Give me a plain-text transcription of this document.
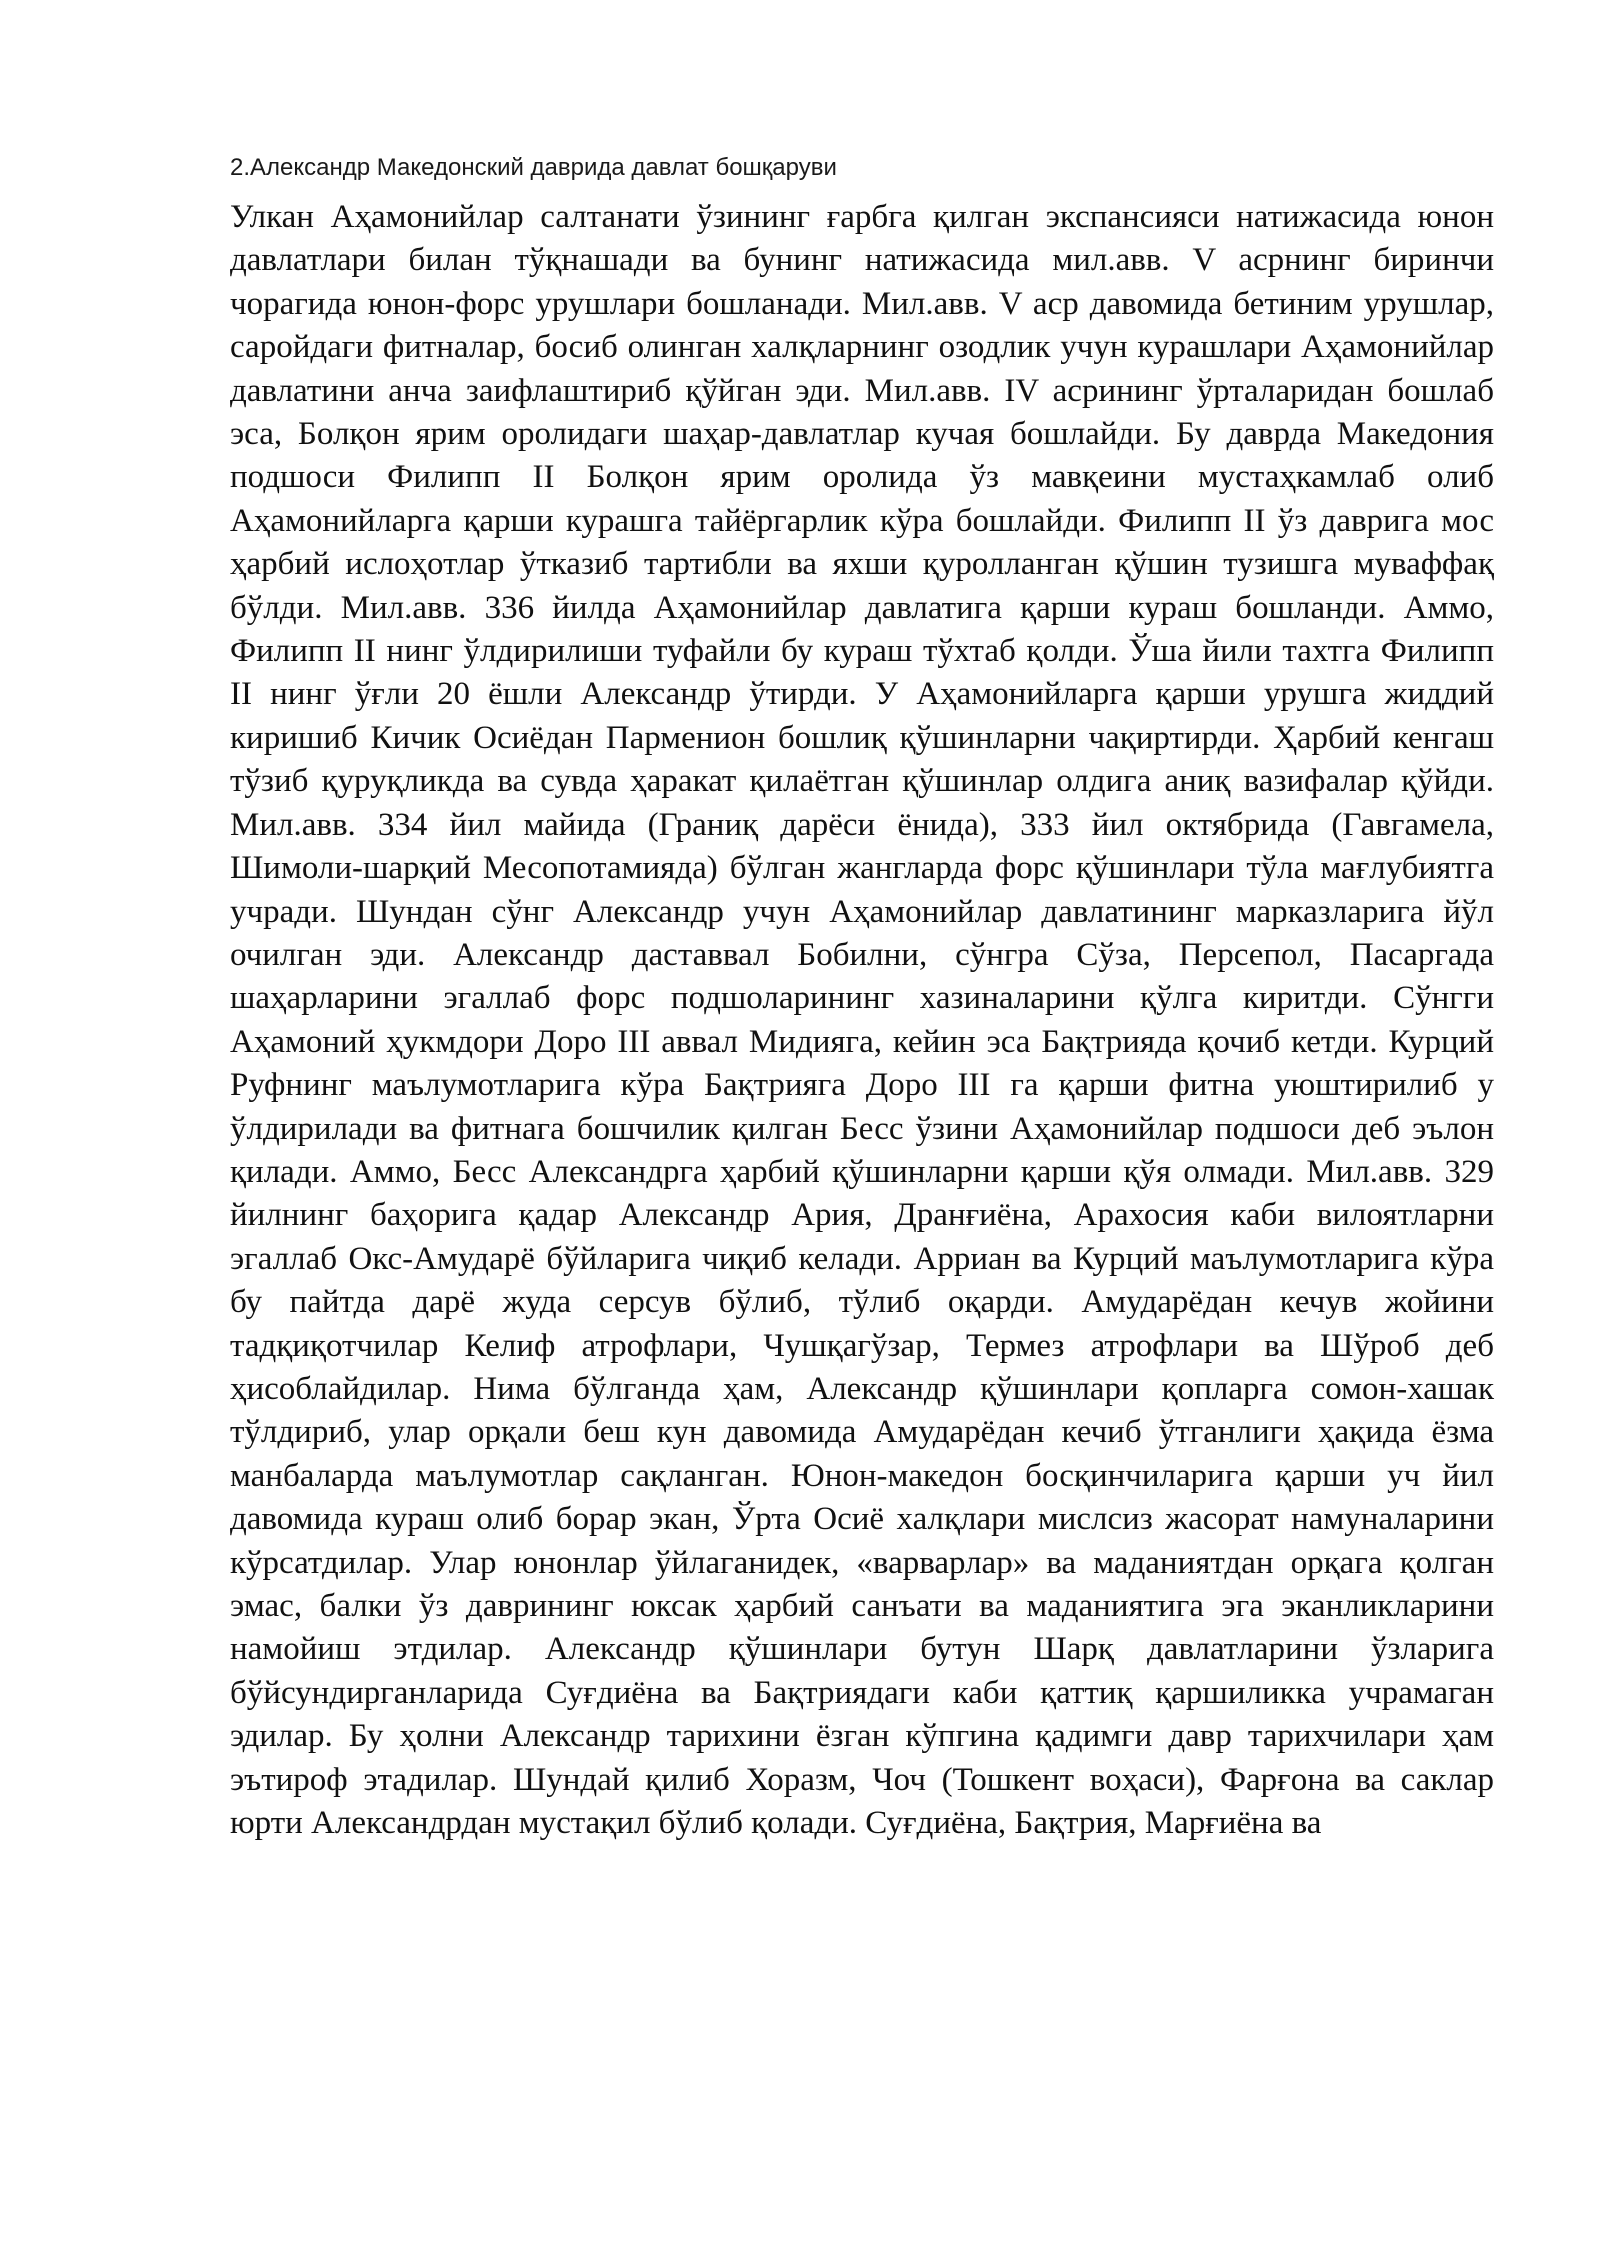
2.Александр Македонский даврида давлат бошқаруви

Улкан Аҳамонийлар салтанати ўзининг ғарбга қилган экспансияси натижасида юнон давлатлари билан тўқнашади ва бунинг натижасида мил.авв. V асрнинг биринчи чорагида юнон-форс урушлари бошланади. Мил.авв. V аср давомида бетиним урушлар, саройдаги фитналар, босиб олинган халқларнинг озодлик учун курашлари Аҳамонийлар давлатини анча заифлаштириб қўйган эди. Мил.авв. IV асрининг ўрталаридан бошлаб эса, Болқон ярим оролидаги шаҳар-давлатлар кучая бошлайди. Бу даврда Македония подшоси Филипп II Болқон ярим оролида ўз мавқеини мустаҳкамлаб олиб Аҳамонийларга қарши курашга тайёргарлик кўра бошлайди. Филипп II ўз даврига мос ҳарбий ислоҳотлар ўтказиб тартибли ва яхши қуролланган қўшин тузишга муваффақ бўлди. Мил.авв. 336 йилда Аҳамонийлар давлатига қарши кураш бошланди. Аммо, Филипп II нинг ўлдирилиши туфайли бу кураш тўхтаб қолди. Ўша йили тахтга Филипп II нинг ўғли 20 ёшли Александр ўтирди. У Аҳамонийларга қарши урушга жиддий киришиб Кичик Осиёдан Парменион бошлиқ қўшинларни чақиртирди. Ҳарбий кенгаш тўзиб қуруқликда ва сувда ҳаракат қилаётган қўшинлар олдига аниқ вазифалар қўйди. Мил.авв. 334 йил майида (Граниқ дарёси ёнида), 333 йил октябрида (Гавгамела, Шимоли-шарқий Месопотамияда) бўлган жангларда форс қўшинлари тўла мағлубиятга учради. Шундан сўнг Александр учун Аҳамонийлар давлатининг марказларига йўл очилган эди. Александр даставвал Бобилни, сўнгра Сўза, Персепол, Пасаргада шаҳарларини эгаллаб форс подшоларининг хазиналарини қўлга киритди. Сўнгги Аҳамоний ҳукмдори Доро III аввал Мидияга, кейин эса Бақтрияда қочиб кетди. Курций Руфнинг маълумотларига кўра Бақтрияга Доро III га қарши фитна уюштирилиб у ўлдирилади ва фитнага бошчилик қилган Бесс ўзини Аҳамонийлар подшоси деб эълон қилади. Аммо, Бесс Александрга ҳарбий қўшинларни қарши қўя олмади. Мил.авв. 329 йилнинг баҳорига қадар Александр Ария, Дранғиёна, Арахосия каби вилоятларни эгаллаб Окс-Амударё бўйларига чиқиб келади. Арриан ва Курций маълумотларига кўра бу пайтда дарё жуда серсув бўлиб, тўлиб оқарди. Амударёдан кечув жойини тадқиқотчилар Келиф атрофлари, Чушқагўзар, Термез атрофлари ва Шўроб деб ҳисоблайдилар. Нима бўлганда ҳам, Александр қўшинлари қопларга сомон-хашак тўлдириб, улар орқали беш кун давомида Амударёдан кечиб ўтганлиги ҳақида ёзма манбаларда маълумотлар сақланган. Юнон-македон босқинчиларига қарши уч йил давомида кураш олиб борар экан, Ўрта Осиё халқлари мислсиз жасорат намуналарини кўрсатдилар. Улар юнонлар ўйлаганидек, «варварлар» ва маданиятдан орқага қолган эмас, балки ўз даврининг юксак ҳарбий санъати ва маданиятига эга эканликларини намойиш этдилар. Александр қўшинлари бутун Шарқ давлатларини ўзларига бўйсундирганларида Суғдиёна ва Бақтриядаги каби қаттиқ қаршиликка учрамаган эдилар. Бу ҳолни Александр тарихини ёзган кўпгина қадимги давр тарихчилари ҳам эътироф этадилар. Шундай қилиб Хоразм, Чоч (Тошкент воҳаси), Фарғона ва саклар юрти Александрдан мустақил бўлиб қолади. Суғдиёна, Бақтрия, Марғиёна ва
